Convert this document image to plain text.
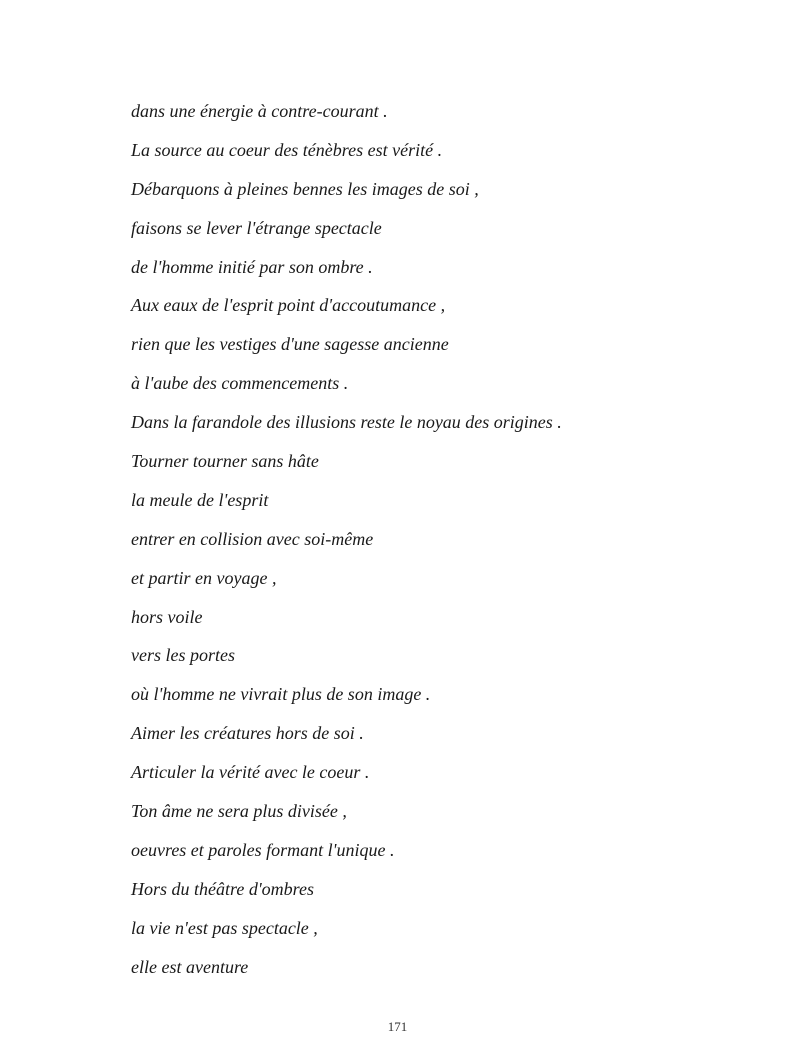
dans une énergie à contre-courant .
La source au coeur des ténèbres est vérité .
Débarquons à pleines bennes les images de soi ,
faisons se lever l'étrange spectacle
de l'homme initié par son ombre .
Aux eaux de l'esprit point d'accoutumance ,
rien que les vestiges d'une sagesse ancienne
à l'aube des commencements .
Dans la farandole des illusions reste le noyau des origines .
Tourner tourner sans hâte
la meule de l'esprit
entrer en collision avec soi-même
et partir en voyage ,
hors voile
vers les portes
où l'homme ne vivrait plus de son image .
Aimer les créatures hors de soi .
Articuler la vérité avec le coeur .
Ton âme ne sera plus divisée ,
oeuvres et paroles formant l'unique .
Hors du théâtre d'ombres
la vie n'est pas spectacle ,
elle est aventure
171
